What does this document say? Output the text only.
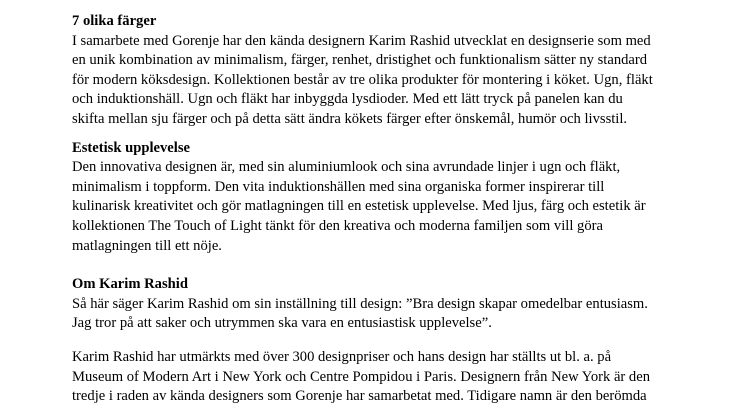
7 olika färger

I samarbete med Gorenje har den kända designern Karim Rashid utvecklat en designserie som med
en unik kombination av minimalism, färger, renhet, dristighet och funktionalism sätter ny standard
för modern köksdesign. Kollektionen består av tre olika produkter för montering i köket. Ugn, fläkt
och induktionshäll. Ugn och fläkt har inbyggda lysdioder. Med ett lätt tryck på panelen kan du
skifta mellan sju färger och på detta sätt ändra kökets färger efter önskemål, humör och livsstil.

Estetisk upplevelse

Den innovativa designen är, med sin aluminiumlook och sina avrundade linjer i ugn och fläkt,
minimalism i toppform. Den vita induktionshällen med sina organiska former inspirerar till
kulinarisk kreativitet och gör matlagningen till en estetisk upplevelse. Med ljus, färg och estetik är
kollektionen The Touch of Light tänkt för den kreativa och moderna familjen som vill göra
matlagningen till ett nöje.

Om Karim Rashid

Så här säger Karim Rashid om sin inställning till design: ”Bra design skapar omedelbar entusiasm.
Jag tror på att saker och utrymmen ska vara en entusiastisk upplevelse”.

Karim Rashid har utmärkts med över 300 designpriser och hans design har ställts ut bl. a. på
Museum of Modern Art i New York och Centre Pompidou i Paris. Designern från New York är den
tredje i raden av kända designers som Gorenje har samarbetat med. Tidigare namn är den berömda
